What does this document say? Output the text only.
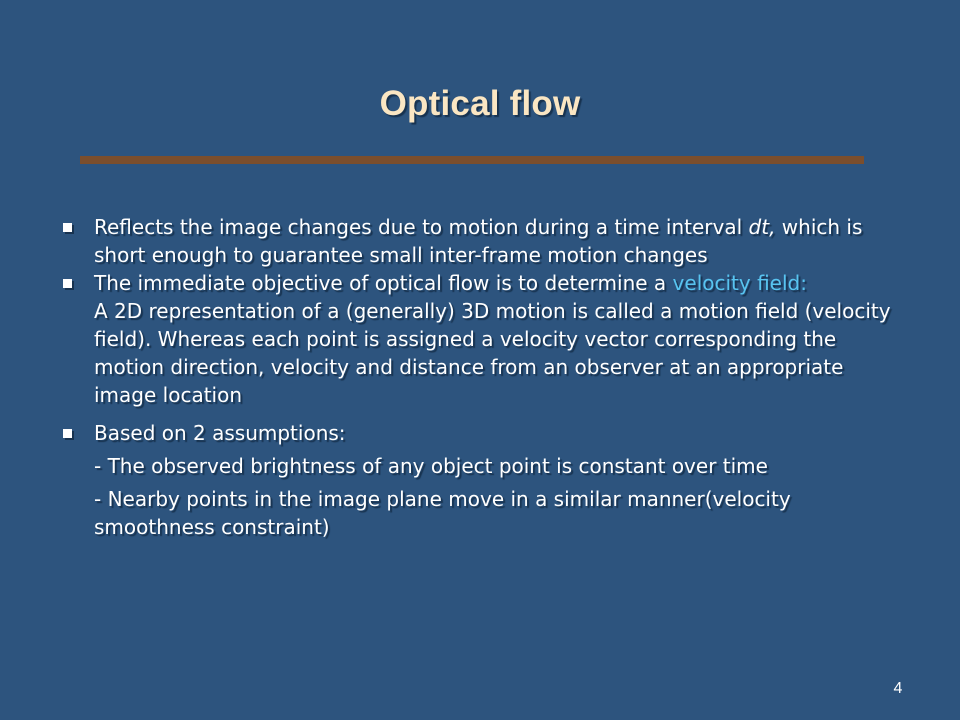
Optical flow
Reflects the image changes due to motion during a time interval dt, which is short enough to guarantee small inter-frame motion changes
The immediate objective of optical flow is to determine a velocity field:
A 2D representation of a (generally) 3D motion is called a motion field (velocity field). Whereas each point is assigned a velocity vector corresponding the motion direction, velocity and distance from an observer at an appropriate image location
Based on 2 assumptions:
- The observed brightness of any object point is constant over time
- Nearby points in the image plane move in a similar manner(velocity smoothness constraint)
4
